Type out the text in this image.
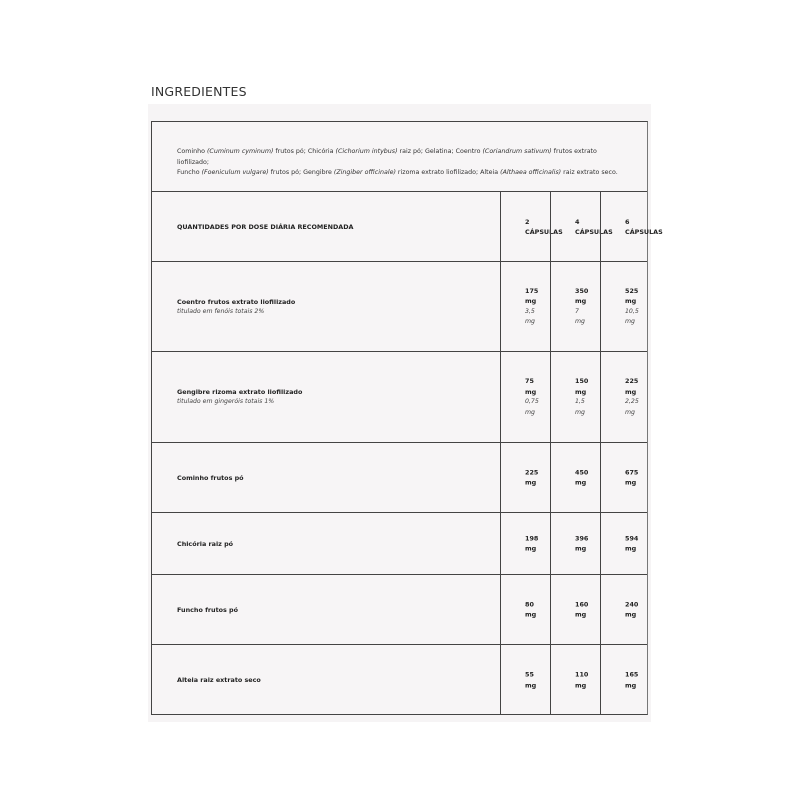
INGREDIENTES
Cominho (Cuminum cyminum) frutos pó; Chicória (Cichorium intybus) raiz pó; Gelatina; Coentro (Coriandrum sativum) frutos extrato liofilizado;
Funcho (Foeniculum vulgare) frutos pó; Gengibre (Zingiber officinale) rizoma extrato liofilizado; Alteia (Althaea officinalis) raiz extrato seco.
QUANTIDADES POR DOSE DIÁRIA RECOMENDADA
2
CÁPSULAS
4
CÁPSULAS
6
CÁPSULAS
Coentro frutos extrato liofilizado
titulado em fenóis totais 2%
175
mg
3,5
mg
350
mg
7
mg
525
mg
10,5
mg
Gengibre rizoma extrato liofilizado
titulado em gingeróis totais 1%
75
mg
0,75
mg
150
mg
1,5
mg
225
mg
2,25
mg
Cominho frutos pó
225
mg
450
mg
675
mg
Chicória raiz pó
198
mg
396
mg
594
mg
Funcho frutos pó
80
mg
160
mg
240
mg
Alteia raiz extrato seco
55
mg
110
mg
165
mg
